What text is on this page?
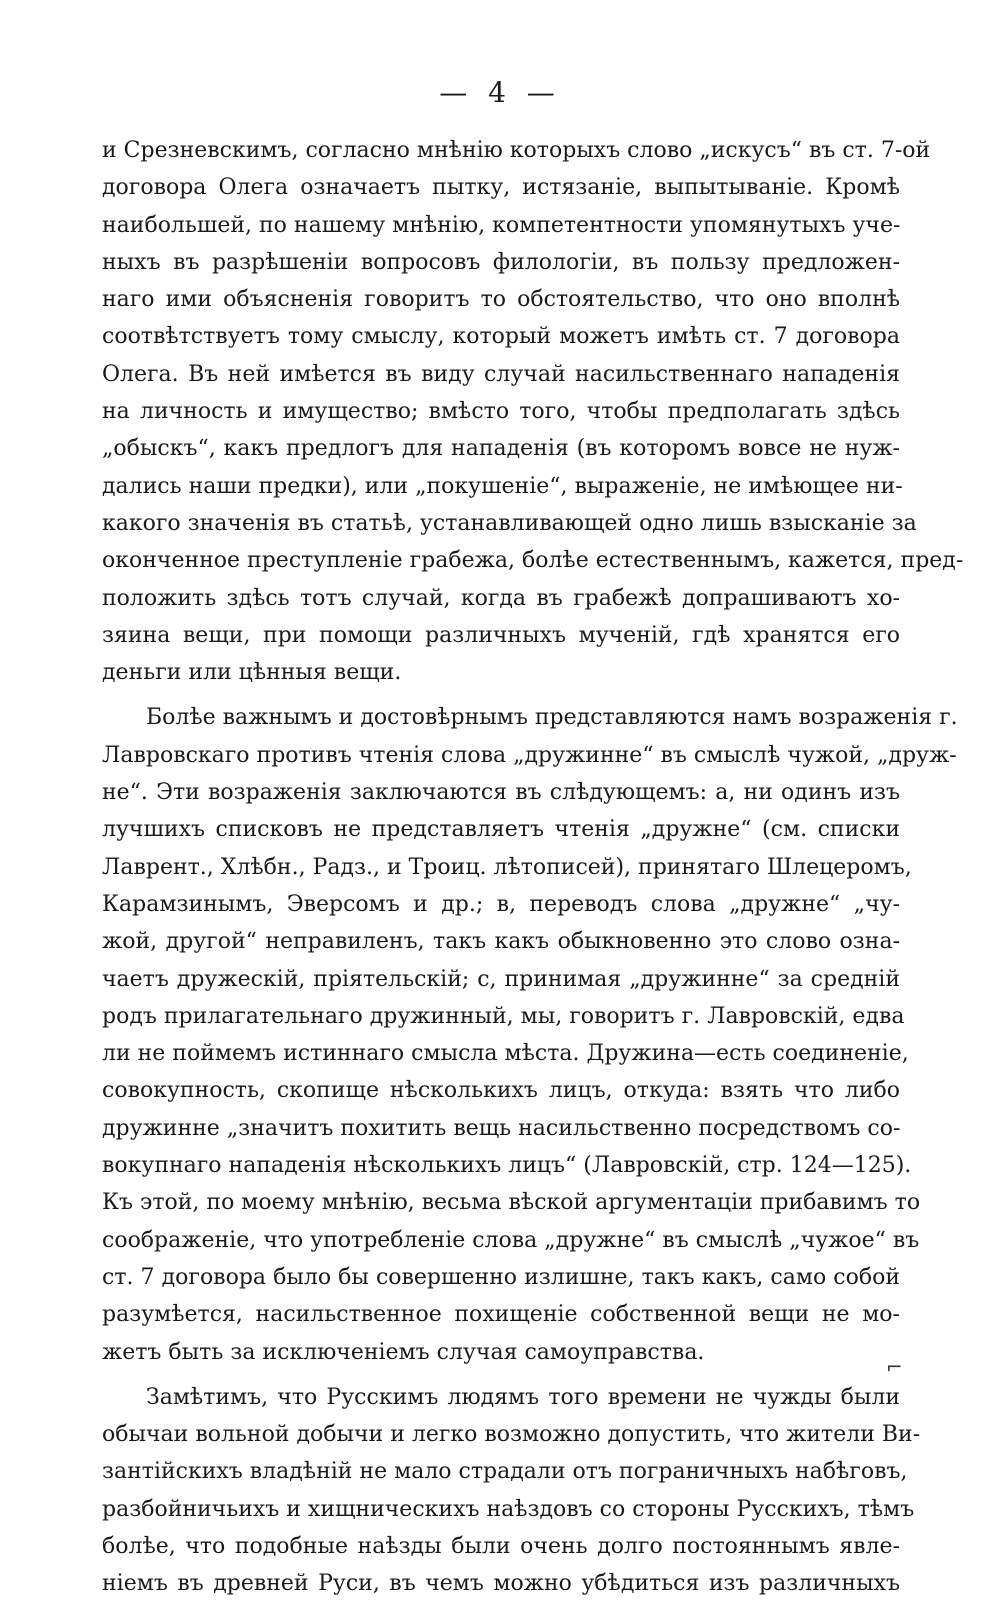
— 4 —
и Срезневскимъ, согласно мнѣнію которыхъ слово „искусъ“ въ ст. 7-ой
договора Олега означаетъ пытку, истязаніе, выпытываніе. Кромѣ
наибольшей, по нашему мнѣнію, компетентности упомянутыхъ уче-
ныхъ въ разрѣшеніи вопросовъ филологіи, въ пользу предложен-
наго ими объясненія говоритъ то обстоятельство, что оно вполнѣ
соотвѣтствуетъ тому смыслу, который можетъ имѣть ст. 7 договора
Олега. Въ ней имѣется въ виду случай насильственнаго нападенія
на личность и имущество; вмѣсто того, чтобы предполагать здѣсь
„обыскъ“, какъ предлогъ для нападенія (въ которомъ вовсе не нуж-
дались наши предки), или „покушеніе“, выраженіе, не имѣющее ни-
какого значенія въ статьѣ, устанавливающей одно лишь взысканіе за
оконченное преступленіе грабежа, болѣе естественнымъ, кажется, пред-
положить здѣсь тотъ случай, когда въ грабежѣ допрашиваютъ хо-
зяина вещи, при помощи различныхъ мученій, гдѣ хранятся его
деньги или цѣнныя вещи.
Болѣе важнымъ и достовѣрнымъ представляются намъ возраженія г.
Лавровскаго противъ чтенія слова „дружинне“ въ смыслѣ чужой, „друж-
не“. Эти возраженія заключаются въ слѣдующемъ: а, ни одинъ изъ
лучшихъ списковъ не представляетъ чтенія „дружне“ (см. списки
Лаврент., Хлѣбн., Радз., и Троиц. лѣтописей), принятаго Шлецеромъ,
Карамзинымъ, Эверсомъ и др.; в, переводъ слова „дружне“ „чу-
жой, другой“ неправиленъ, такъ какъ обыкновенно это слово озна-
чаетъ дружескій, пріятельскій; с, принимая „дружинне“ за средній
родъ прилагательнаго дружинный, мы, говоритъ г. Лавровскій, едва
ли не поймемъ истиннаго смысла мѣста. Дружина—есть соединеніе,
совокупность, скопище нѣсколькихъ лицъ, откуда: взять что либо
дружинне „значитъ похитить вещь насильственно посредствомъ со-
вокупнаго нападенія нѣсколькихъ лицъ“ (Лавровскій, стр. 124—125).
Къ этой, по моему мнѣнію, весьма вѣской аргументаціи прибавимъ то
соображеніе, что употребленіе слова „дружне“ въ смыслѣ „чужое“ въ
ст. 7 договора было бы совершенно излишне, такъ какъ, само собой
разумѣется, насильственное похищеніе собственной вещи не мо-
жетъ быть за исключеніемъ случая самоуправства.
Замѣтимъ, что Русскимъ людямъ того времени не чужды были
обычаи вольной добычи и легко возможно допустить, что жители Ви-
зантійскихъ владѣній не мало страдали отъ пограничныхъ набѣговъ,
разбойничьихъ и хищническихъ наѣздовъ со стороны Русскихъ, тѣмъ
болѣе, что подобные наѣзды были очень долго постояннымъ явле-
ніемъ въ древней Руси, въ чемъ можно убѣдиться изъ различныхъ
⌐
